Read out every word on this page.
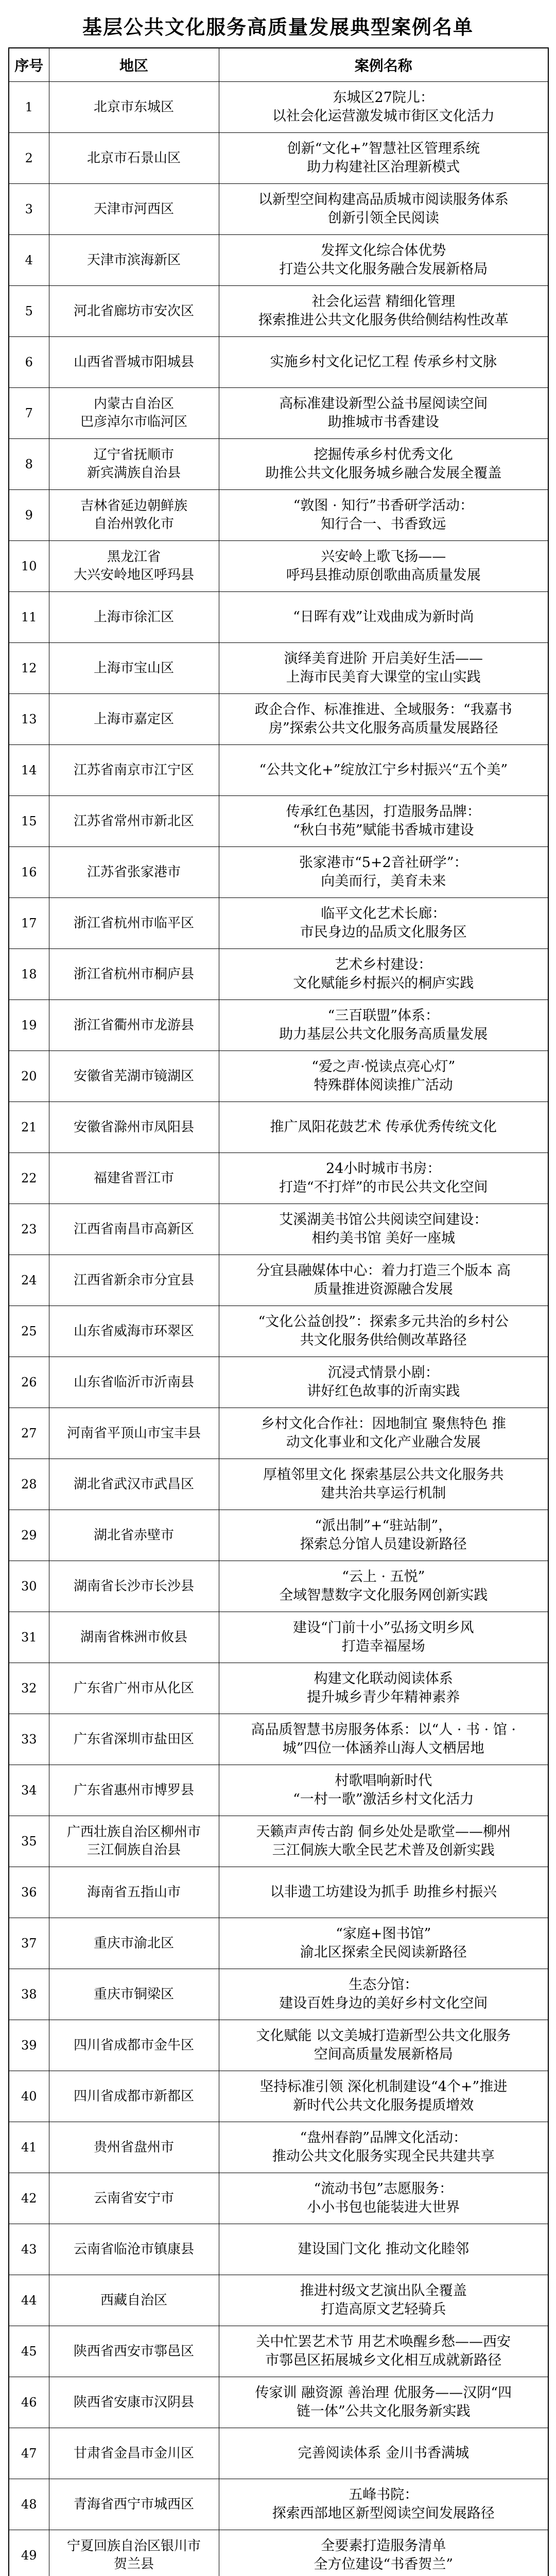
基层公共文化服务高质量发展典型案例名单
序号	地区	案例名称
1	北京市东城区	东城区27院儿：
以社会化运营激发城市街区文化活力

2	北京市石景山区	创新“文化+”智慧社区管理系统
助力构建社区治理新模式

3	天津市河西区	以新型空间构建高品质城市阅读服务体系
创新引领全民阅读

4	天津市滨海新区	发挥文化综合体优势
打造公共文化服务融合发展新格局

5	河北省廊坊市安次区	社会化运营 精细化管理
探索推进公共文化服务供给侧结构性改革

6	山西省晋城市阳城县	实施乡村文化记忆工程 传承乡村文脉

7	内蒙古自治区
巴彦淖尔市临河区	高标准建设新型公益书屋阅读空间
助推城市书香建设

8	辽宁省抚顺市
新宾满族自治县	挖掘传承乡村优秀文化
助推公共文化服务城乡融合发展全覆盖

9	吉林省延边朝鲜族
自治州敦化市	“敦图 · 知行”书香研学活动：
知行合一、书香致远

10	黑龙江省
大兴安岭地区呼玛县	兴安岭上歌飞扬——
呼玛县推动原创歌曲高质量发展

11	上海市徐汇区	“日晖有戏”让戏曲成为新时尚

12	上海市宝山区	演绎美育进阶 开启美好生活——
上海市民美育大课堂的宝山实践

13	上海市嘉定区	政企合作、标准推进、全域服务：“我嘉书
房”探索公共文化服务高质量发展路径

14	江苏省南京市江宁区	“公共文化+”绽放江宁乡村振兴“五个美”

15	江苏省常州市新北区	传承红色基因，打造服务品牌：
“秋白书苑”赋能书香城市建设

16	江苏省张家港市	张家港市“5+2音社研学”：
向美而行，美育未来

17	浙江省杭州市临平区	临平文化艺术长廊：
市民身边的品质文化服务区

18	浙江省杭州市桐庐县	艺术乡村建设：
文化赋能乡村振兴的桐庐实践

19	浙江省衢州市龙游县	“三百联盟”体系：
助力基层公共文化服务高质量发展

20	安徽省芜湖市镜湖区	“爱之声·悦读点亮心灯”
特殊群体阅读推广活动

21	安徽省滁州市凤阳县	推广凤阳花鼓艺术 传承优秀传统文化

22	福建省晋江市	24小时城市书房：
打造“不打烊”的市民公共文化空间

23	江西省南昌市高新区	艾溪湖美书馆公共阅读空间建设：
相约美书馆 美好一座城

24	江西省新余市分宜县	分宜县融媒体中心：着力打造三个版本 高
质量推进资源融合发展

25	山东省威海市环翠区	“文化公益创投”：探索多元共治的乡村公
共文化服务供给侧改革路径

26	山东省临沂市沂南县	沉浸式情景小剧：
讲好红色故事的沂南实践

27	河南省平顶山市宝丰县	乡村文化合作社：因地制宜 聚焦特色 推
动文化事业和文化产业融合发展

28	湖北省武汉市武昌区	厚植邻里文化 探索基层公共文化服务共
建共治共享运行机制

29	湖北省赤壁市	“派出制”+“驻站制”，
探索总分馆人员建设新路径

30	湖南省长沙市长沙县	“云上 · 五悦”
全域智慧数字文化服务网创新实践

31	湖南省株洲市攸县	建设“门前十小”弘扬文明乡风
打造幸福屋场

32	广东省广州市从化区	构建文化联动阅读体系
提升城乡青少年精神素养

33	广东省深圳市盐田区	高品质智慧书房服务体系：以“人 · 书 · 馆 ·
城”四位一体涵养山海人文栖居地

34	广东省惠州市博罗县	村歌唱响新时代
“一村一歌”激活乡村文化活力

35	广西壮族自治区柳州市
三江侗族自治县	天籁声声传古韵 侗乡处处是歌堂——柳州
三江侗族大歌全民艺术普及创新实践

36	海南省五指山市	以非遗工坊建设为抓手 助推乡村振兴

37	重庆市渝北区	“家庭+图书馆”
渝北区探索全民阅读新路径

38	重庆市铜梁区	生态分馆：
建设百姓身边的美好乡村文化空间

39	四川省成都市金牛区	文化赋能 以文美城打造新型公共文化服务
空间高质量发展新格局

40	四川省成都市新都区	坚持标准引领 深化机制建设“4个+”推进
新时代公共文化服务提质增效

41	贵州省盘州市	“盘州春韵”品牌文化活动：
推动公共文化服务实现全民共建共享

42	云南省安宁市	“流动书包”志愿服务：
小小书包也能装进大世界

43	云南省临沧市镇康县	建设国门文化 推动文化睦邻

44	西藏自治区	推进村级文艺演出队全覆盖
打造高原文艺轻骑兵

45	陕西省西安市鄠邑区	关中忙罢艺术节 用艺术唤醒乡愁——西安
市鄠邑区拓展城乡文化相互成就新路径

46	陕西省安康市汉阴县	传家训 融资源 善治理 优服务——汉阴“四
链一体”公共文化服务新实践

47	甘肃省金昌市金川区	完善阅读体系 金川书香满城

48	青海省西宁市城西区	五峰书院：
探索西部地区新型阅读空间发展路径

49	宁夏回族自治区银川市
贺兰县	全要素打造服务清单
全方位建设“书香贺兰”
